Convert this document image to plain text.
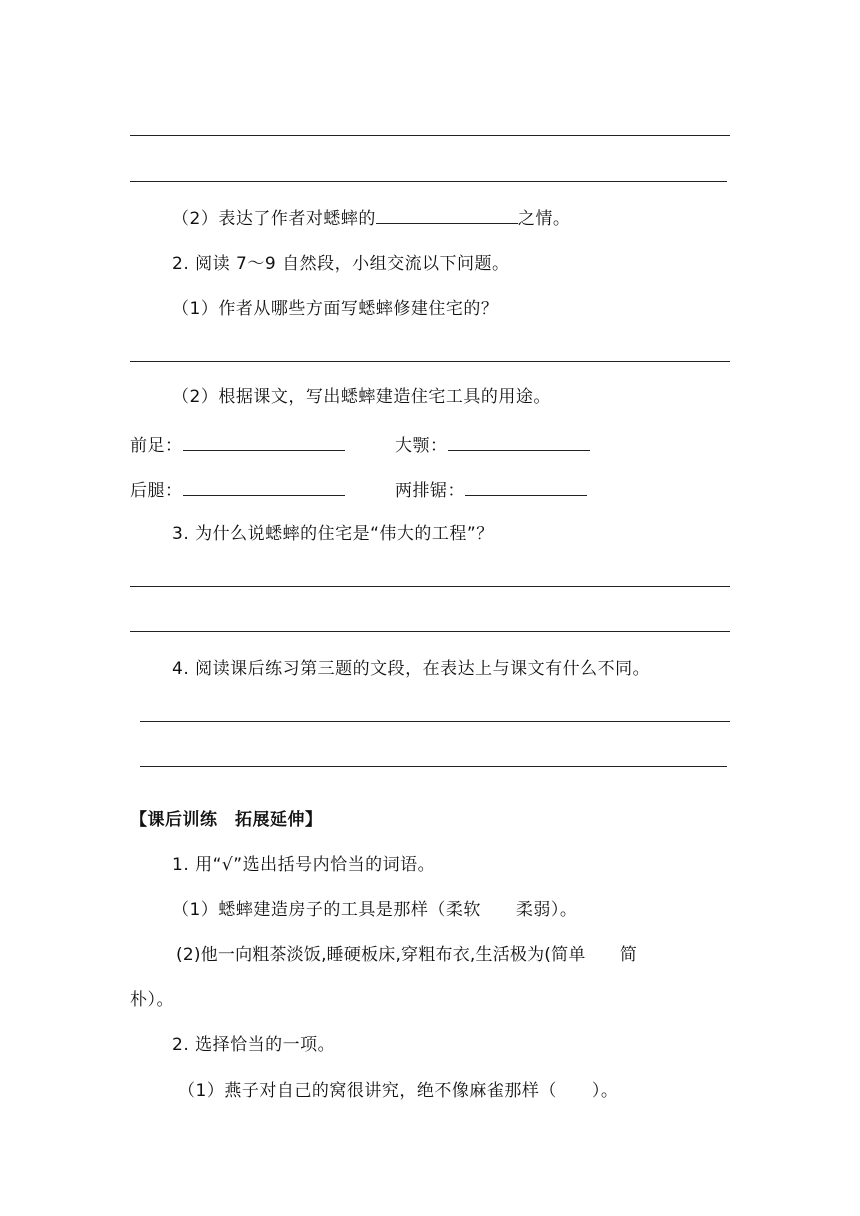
（2）表达了作者对蟋蟀的	之情。
2. 阅读 7～9 自然段，小组交流以下问题。
（1）作者从哪些方面写蟋蟀修建住宅的？
（2）根据课文，写出蟋蟀建造住宅工具的用途。
前足：	大颚：
后腿：	两排锯：
3. 为什么说蟋蟀的住宅是“伟大的工程”？
4. 阅读课后练习第三题的文段，在表达上与课文有什么不同。
【课后训练　拓展延伸】
1. 用“√”选出括号内恰当的词语。
（1）蟋蟀建造房子的工具是那样（柔软　　柔弱）。
(2)他一向粗茶淡饭,睡硬板床,穿粗布衣,生活极为(简单　　简
朴）。
2. 选择恰当的一项。
（1）燕子对自己的窝很讲究，绝不像麻雀那样（　　）。
